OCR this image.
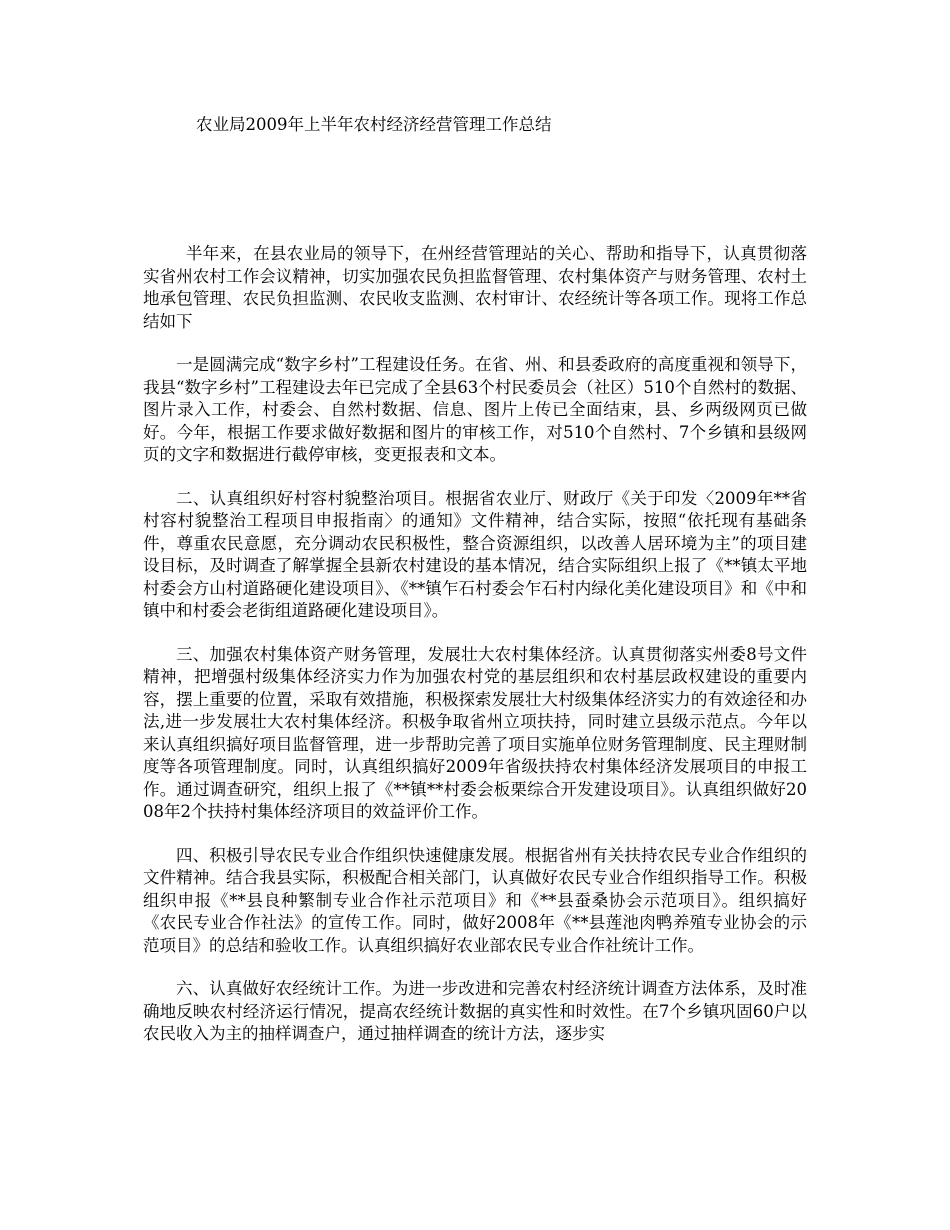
农业局2009年上半年农村经济经营管理工作总结

半年来，在县农业局的领导下，在州经营管理站的关心、帮助和指导下，认真贯彻落实省州农村工作会议精神，切实加强农民负担监督管理、农村集体资产与财务管理、农村土地承包管理、农民负担监测、农民收支监测、农村审计、农经统计等各项工作。现将工作总结如下

一是圆满完成“数字乡村”工程建设任务。在省、州、和县委政府的高度重视和领导下，我县“数字乡村”工程建设去年已完成了全县63个村民委员会（社区）510个自然村的数据、图片录入工作，村委会、自然村数据、信息、图片上传已全面结束，县、乡两级网页已做好。今年，根据工作要求做好数据和图片的审核工作，对510个自然村、7个乡镇和县级网页的文字和数据进行截停审核，变更报表和文本。

二、认真组织好村容村貌整治项目。根据省农业厅、财政厅《关于印发〈2009年**省村容村貌整治工程项目申报指南〉的通知》文件精神，结合实际，按照“依托现有基础条件，尊重农民意愿，充分调动农民积极性，整合资源组织，以改善人居环境为主”的项目建设目标，及时调查了解掌握全县新农村建设的基本情况，结合实际组织上报了《**镇太平地村委会方山村道路硬化建设项目》、《**镇乍石村委会乍石村内绿化美化建设项目》和《中和镇中和村委会老街组道路硬化建设项目》。

三、加强农村集体资产财务管理，发展壮大农村集体经济。认真贯彻落实州委8号文件精神，把增强村级集体经济实力作为加强农村党的基层组织和农村基层政权建设的重要内容，摆上重要的位置，采取有效措施，积极探索发展壮大村级集体经济实力的有效途径和办法,进一步发展壮大农村集体经济。积极争取省州立项扶持，同时建立县级示范点。今年以来认真组织搞好项目监督管理，进一步帮助完善了项目实施单位财务管理制度、民主理财制度等各项管理制度。同时，认真组织搞好2009年省级扶持农村集体经济发展项目的申报工作。通过调查研究，组织上报了《**镇**村委会板栗综合开发建设项目》。认真组织做好2008年2个扶持村集体经济项目的效益评价工作。

四、积极引导农民专业合作组织快速健康发展。根据省州有关扶持农民专业合作组织的文件精神。结合我县实际，积极配合相关部门，认真做好农民专业合作组织指导工作。积极组织申报《**县良种繁制专业合作社示范项目》和《**县蚕桑协会示范项目》。组织搞好《农民专业合作社法》的宣传工作。同时，做好2008年《**县莲池肉鸭养殖专业协会的示范项目》的总结和验收工作。认真组织搞好农业部农民专业合作社统计工作。

六、认真做好农经统计工作。为进一步改进和完善农村经济统计调查方法体系，及时准确地反映农村经济运行情况，提高农经统计数据的真实性和时效性。在7个乡镇巩固60户以农民收入为主的抽样调查户，通过抽样调查的统计方法，逐步实
